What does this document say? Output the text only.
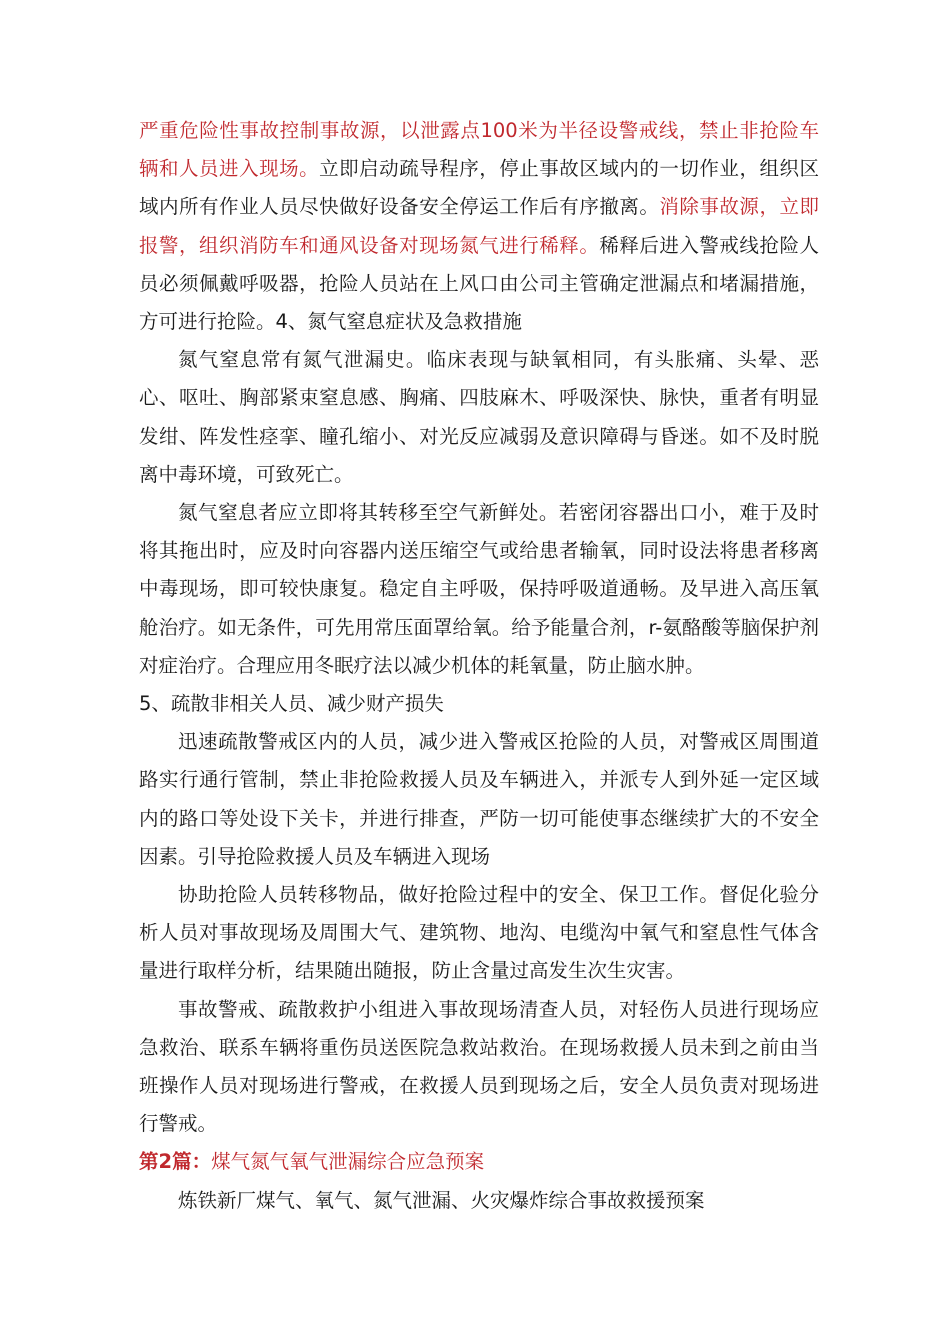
严重危险性事故控制事故源，以泄露点100米为半径设警戒线，禁止非抢险车辆和人员进入现场。立即启动疏导程序，停止事故区域内的一切作业，组织区域内所有作业人员尽快做好设备安全停运工作后有序撤离。消除事故源，立即报警，组织消防车和通风设备对现场氮气进行稀释。稀释后进入警戒线抢险人员必须佩戴呼吸器，抢险人员站在上风口由公司主管确定泄漏点和堵漏措施，方可进行抢险。4、氮气窒息症状及急救措施

氮气窒息常有氮气泄漏史。临床表现与缺氧相同，有头胀痛、头晕、恶心、呕吐、胸部紧束窒息感、胸痛、四肢麻木、呼吸深快、脉快，重者有明显发绀、阵发性痉挛、瞳孔缩小、对光反应减弱及意识障碍与昏迷。如不及时脱离中毒环境，可致死亡。

氮气窒息者应立即将其转移至空气新鲜处。若密闭容器出口小，难于及时将其拖出时，应及时向容器内送压缩空气或给患者输氧，同时设法将患者移离中毒现场，即可较快康复。稳定自主呼吸，保持呼吸道通畅。及早进入高压氧舱治疗。如无条件，可先用常压面罩给氧。给予能量合剂，r-氨酪酸等脑保护剂对症治疗。合理应用冬眠疗法以减少机体的耗氧量，防止脑水肿。

5、疏散非相关人员、减少财产损失

迅速疏散警戒区内的人员，减少进入警戒区抢险的人员，对警戒区周围道路实行通行管制，禁止非抢险救援人员及车辆进入，并派专人到外延一定区域内的路口等处设下关卡，并进行排查，严防一切可能使事态继续扩大的不安全因素。引导抢险救援人员及车辆进入现场

协助抢险人员转移物品，做好抢险过程中的安全、保卫工作。督促化验分析人员对事故现场及周围大气、建筑物、地沟、电缆沟中氧气和窒息性气体含量进行取样分析，结果随出随报，防止含量过高发生次生灾害。

事故警戒、疏散救护小组进入事故现场清查人员，对轻伤人员进行现场应急救治、联系车辆将重伤员送医院急救站救治。在现场救援人员未到之前由当班操作人员对现场进行警戒，在救援人员到现场之后，安全人员负责对现场进行警戒。

第2篇：煤气氮气氧气泄漏综合应急预案

炼铁新厂煤气、氧气、氮气泄漏、火灾爆炸综合事故救援预案
